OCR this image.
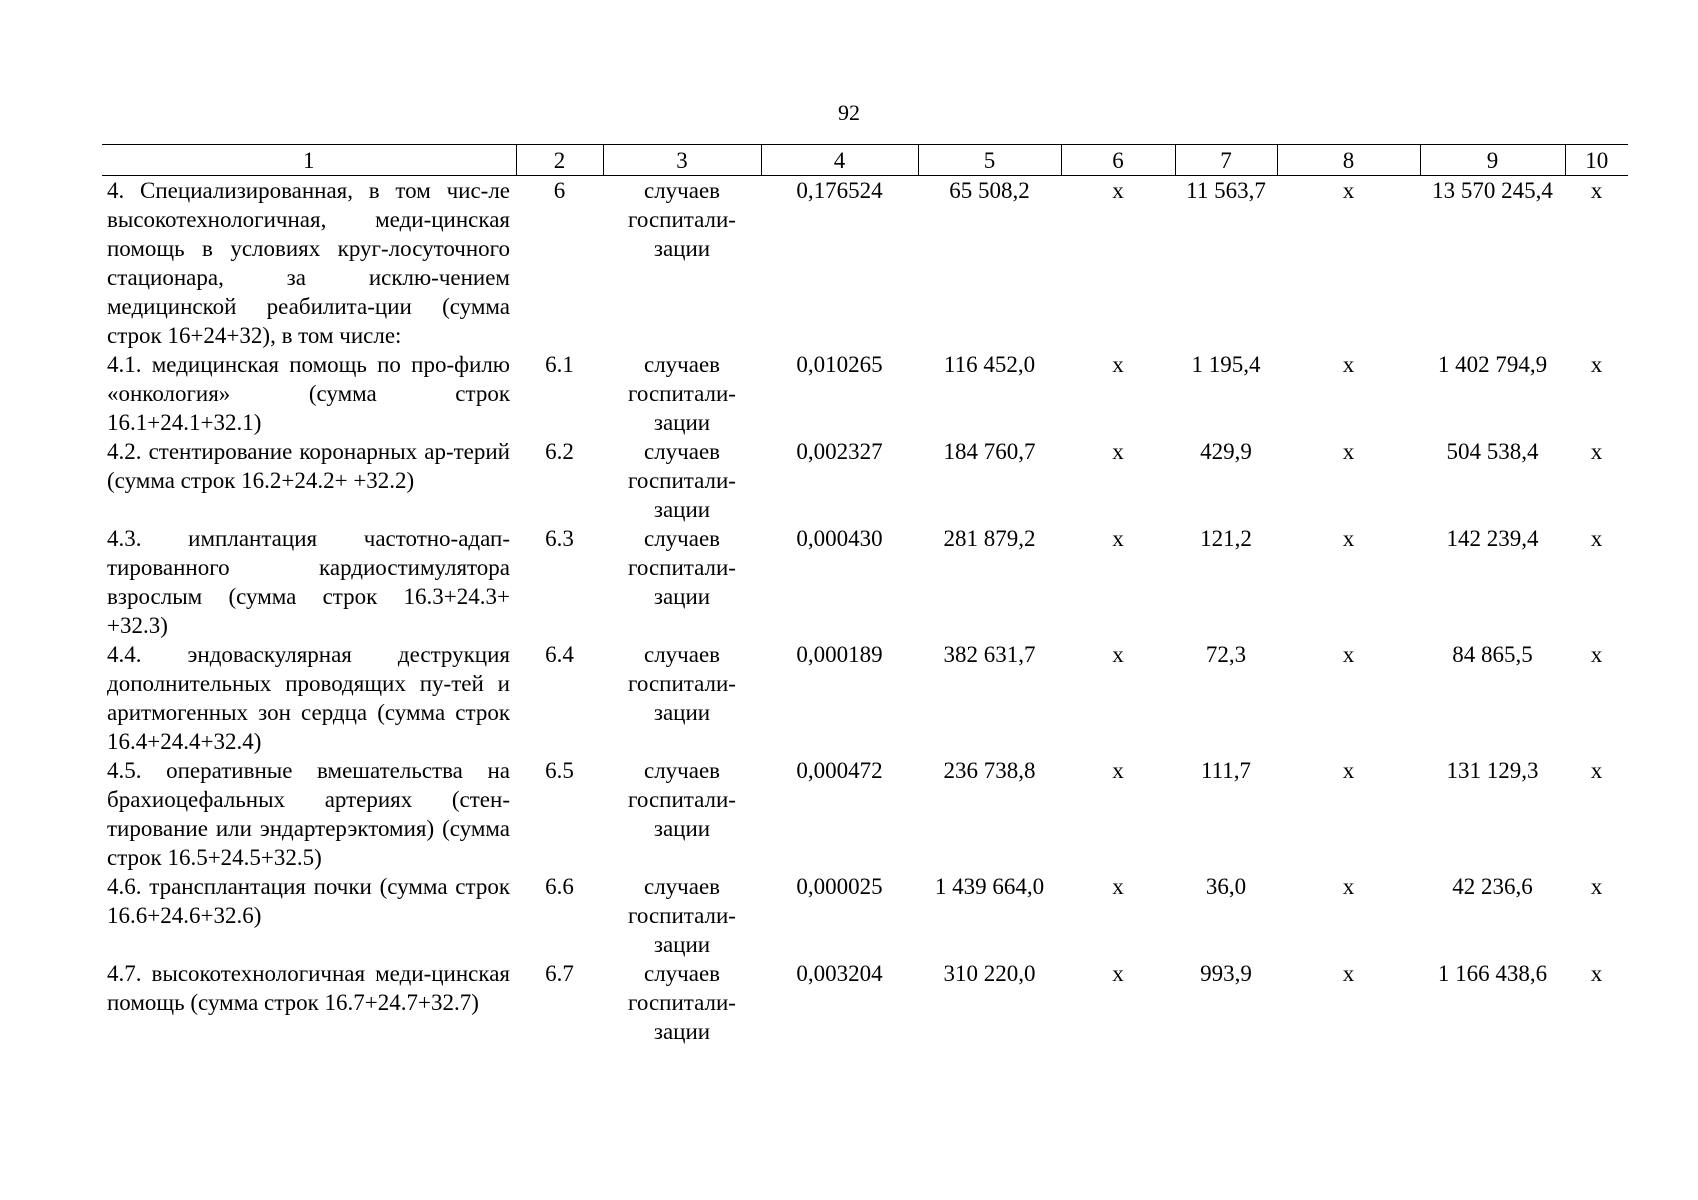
92
1	2	3	4	5	6	7	8	9	10
4. Специализированная, в том чис-ле высокотехнологичная, меди-цинская помощь в условиях круг-лосуточного стационара, за исклю-чением медицинской реабилита-ции (сумма строк 16+24+32), в том числе:	6	случаев
госпитали-
зации	0,176524	65 508,2	х	11 563,7	х	13 570 245,4	х
4.1. медицинская помощь по про-филю «онкология» (сумма строк 16.1+24.1+32.1)	6.1	случаев
госпитали-
зации	0,010265	116 452,0	х	1 195,4	х	1 402 794,9	х
4.2. стентирование коронарных ар-терий (сумма строк 16.2+24.2+ +32.2)	6.2	случаев
госпитали-
зации	0,002327	184 760,7	х	429,9	х	504 538,4	х
4.3. имплантация частотно-адап-тированного кардиостимулятора взрослым (сумма строк 16.3+24.3+ +32.3)	6.3	случаев
госпитали-
зации	0,000430	281 879,2	х	121,2	х	142 239,4	х
4.4. эндоваскулярная деструкция дополнительных проводящих пу-тей и аритмогенных зон сердца (сумма строк 16.4+24.4+32.4)	6.4	случаев
госпитали-
зации	0,000189	382 631,7	х	72,3	х	84 865,5	х
4.5. оперативные вмешательства на брахиоцефальных артериях (стен-тирование или эндартерэктомия) (сумма строк 16.5+24.5+32.5)	6.5	случаев
госпитали-
зации	0,000472	236 738,8	х	111,7	х	131 129,3	х
4.6. трансплантация почки (сумма строк 16.6+24.6+32.6)	6.6	случаев
госпитали-
зации	0,000025	1 439 664,0	х	36,0	х	42 236,6	х
4.7. высокотехнологичная меди-цинская помощь (сумма строк 16.7+24.7+32.7)	6.7	случаев
госпитали-
зации	0,003204	310 220,0	х	993,9	х	1 166 438,6	х
